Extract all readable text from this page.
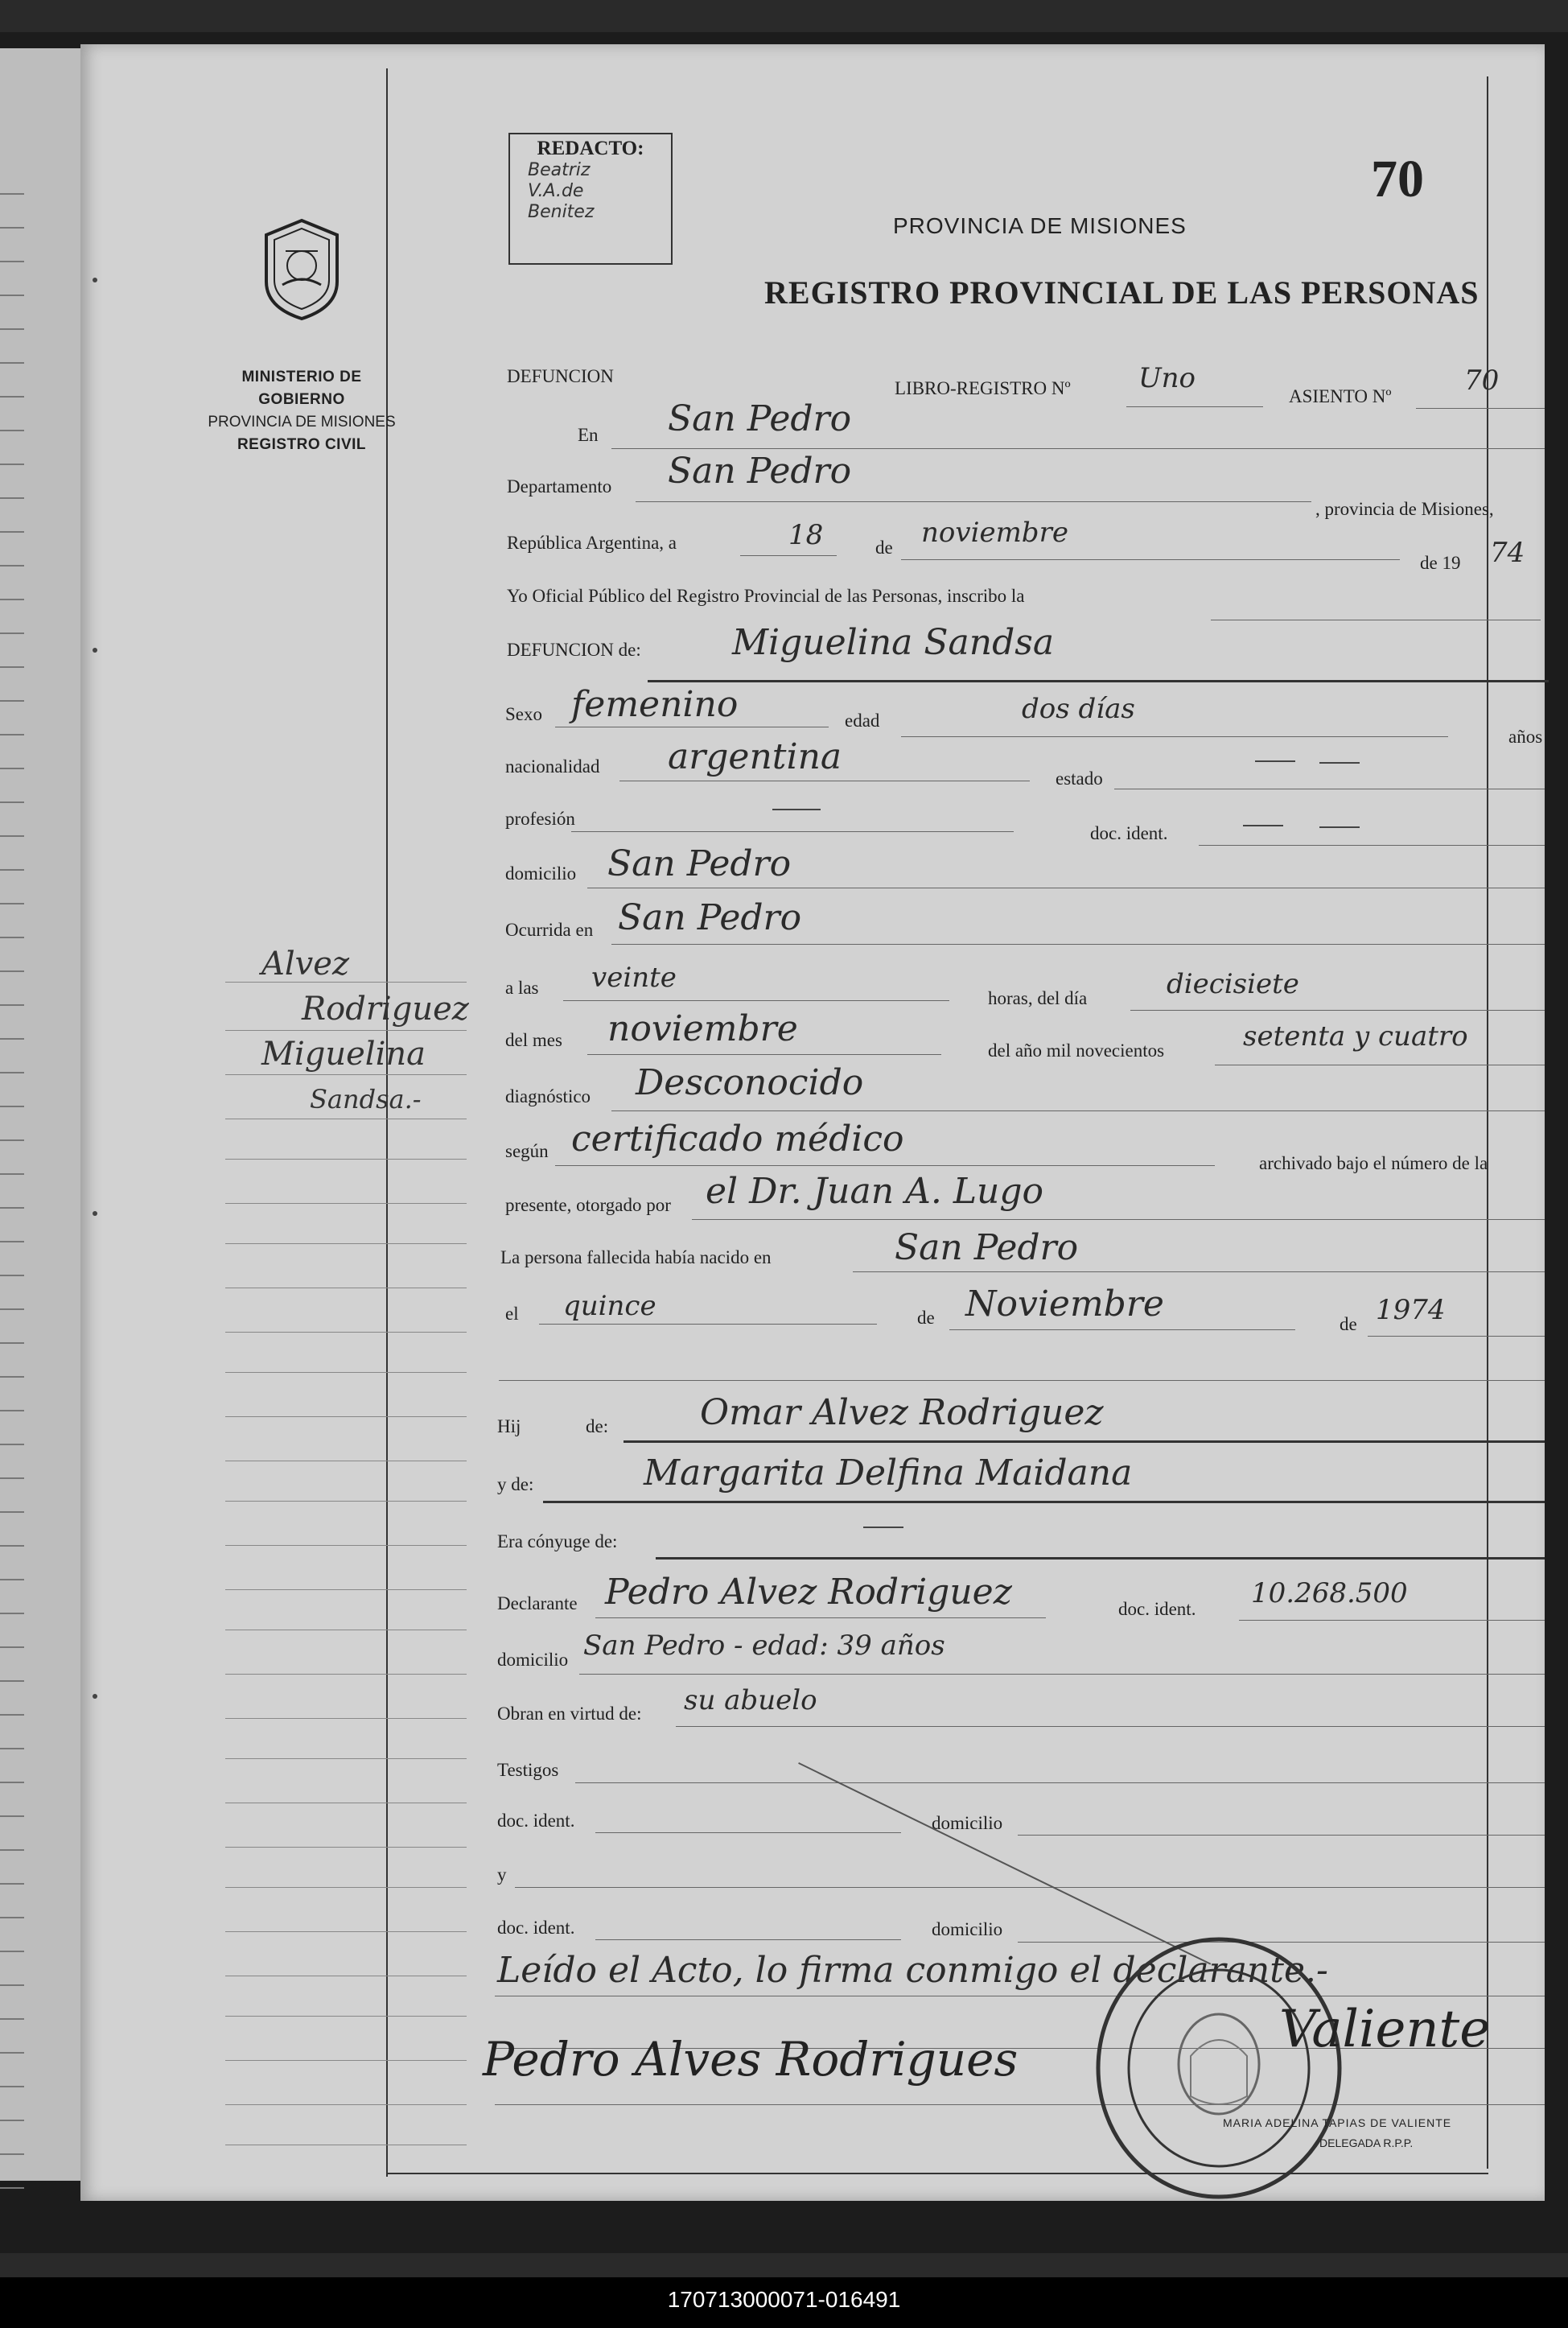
MINISTERIO DE GOBIERNO
PROVINCIA DE MISIONES
REGISTRO CIVIL
Alvez
Rodriguez
Miguelina
Sandsa.-
REDACTO:
Beatriz
V.A.de
Benitez
70
PROVINCIA DE MISIONES
REGISTRO PROVINCIAL DE LAS PERSONAS
DEFUNCION
LIBRO-REGISTRO Nº Uno
ASIENTO Nº	70
En San Pedro
Departamento San Pedro
, provincia de Misiones,
República Argentina, a	18	de noviembre
de 19 74
Yo Oficial Público del Registro Provincial de las Personas, inscribo la
DEFUNCION de:	Miguelina Sandsa
Sexo femenino	edad	dos días
años
nacionalidad argentina
estado
profesión
doc. ident.
domicilio San Pedro
Ocurrida en San Pedro
a las veinte
horas, del día	diecisiete
del mes noviembre
del año mil novecientos	setenta y cuatro
diagnóstico Desconocido
según certificado médico
archivado bajo el número de la
presente, otorgado por el Dr. Juan A. Lugo
La persona fallecida había nacido en	San Pedro
el quince	de Noviembre	de 1974
Hij	de:	Omar Alvez Rodriguez
y de:	Margarita Delfina Maidana
Era cónyuge de:
Declarante Pedro Alvez Rodriguez	doc. ident. 10.268.500
domicilio San Pedro - edad: 39 años
Obran en virtud de: su abuelo
Testigos
doc. ident.	domicilio
y
doc. ident.	domicilio
Leído el Acto, lo firma conmigo el declarante.-
Pedro Alves Rodrigues	Valiente
MARIA ADELINA TAPIAS DE VALIENTE
DELEGADA R.P.P.
170713000071-016491
